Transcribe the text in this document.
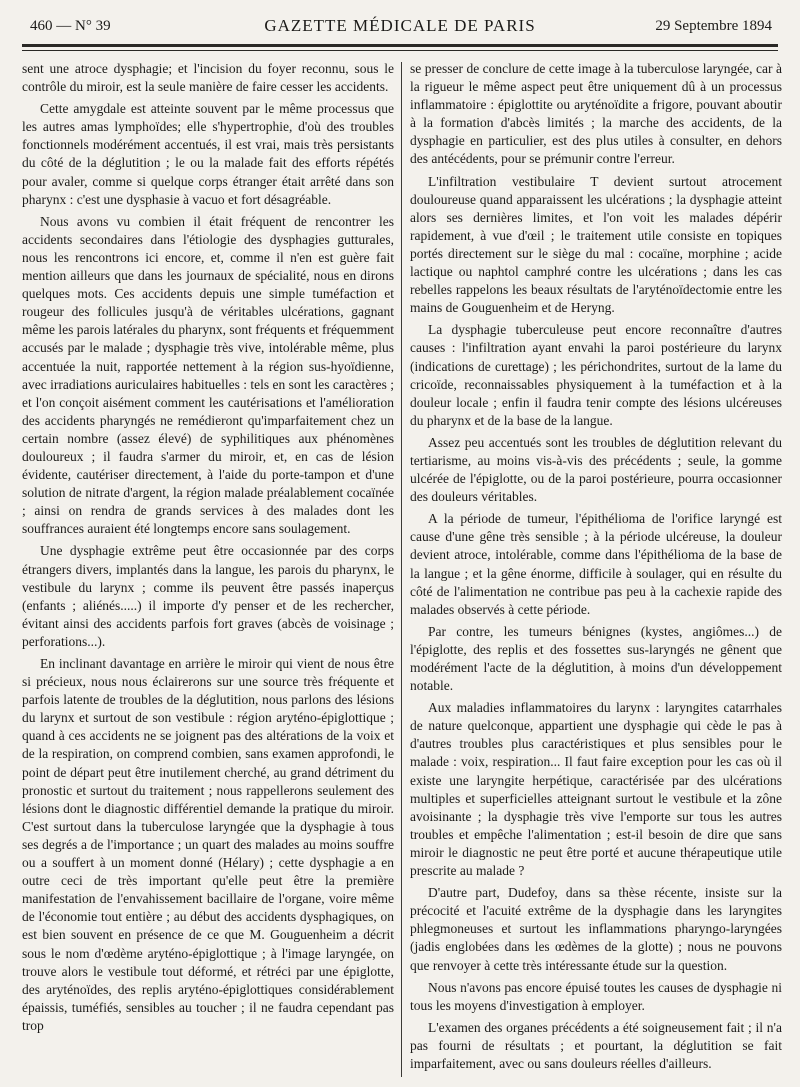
460 — N° 39	GAZETTE MÉDICALE DE PARIS	29 Septembre 1894

sent une atroce dysphagie; et l'incision du foyer reconnu, sous le contrôle du miroir, est la seule manière de faire cesser les accidents.

Cette amygdale est atteinte souvent par le même processus que les autres amas lymphoïdes; elle s'hypertrophie, d'où des troubles fonctionnels modérément accentués, il est vrai, mais très persistants du côté de la déglutition ; le ou la malade fait des efforts répétés pour avaler, comme si quelque corps étranger était arrêté dans son pharynx : c'est une dysphasie à vacuo et fort désagréable.

Nous avons vu combien il était fréquent de rencontrer les accidents secondaires dans l'étiologie des dysphagies gutturales, nous les rencontrons ici encore, et, comme il n'en est guère fait mention ailleurs que dans les journaux de spécialité, nous en dirons quelques mots. Ces accidents depuis une simple tuméfaction et rougeur des follicules jusqu'à de véritables ulcérations, gagnant même les parois latérales du pharynx, sont fréquents et fréquemment accusés par le malade ; dysphagie très vive, intolérable même, plus accentuée la nuit, rapportée nettement à la région sus-hyoïdienne, avec irradiations auriculaires habituelles : tels en sont les caractères ; et l'on conçoit aisément comment les cautérisations et l'amélioration des accidents pharyngés ne remédieront qu'imparfaitement chez un certain nombre (assez élevé) de syphilitiques aux phénomènes douloureux ; il faudra s'armer du miroir, et, en cas de lésion évidente, cautériser directement, à l'aide du porte-tampon et d'une solution de nitrate d'argent, la région malade préalablement cocaïnée ; ainsi on rendra de grands services à des malades dont les souffrances auraient été longtemps encore sans soulagement.

Une dysphagie extrême peut être occasionnée par des corps étrangers divers, implantés dans la langue, les parois du pharynx, le vestibule du larynx ; comme ils peuvent être passés inaperçus (enfants ; aliénés.....) il importe d'y penser et de les rechercher, évitant ainsi des accidents parfois fort graves (abcès de voisinage ; perforations...).

En inclinant davantage en arrière le miroir qui vient de nous être si précieux, nous nous éclairerons sur une source très fréquente et parfois latente de troubles de la déglutition, nous parlons des lésions du larynx et surtout de son vestibule : région aryténo-épiglottique ; quand à ces accidents ne se joignent pas des altérations de la voix et de la respiration, on comprend combien, sans examen approfondi, le point de départ peut être inutilement cherché, au grand détriment du pronostic et surtout du traitement ; nous rappellerons seulement des lésions dont le diagnostic différentiel demande la pratique du miroir. C'est surtout dans la tuberculose laryngée que la dysphagie à tous ses degrés a de l'importance ; un quart des malades au moins souffre ou a souffert à un moment donné (Hélary) ; cette dysphagie a en outre ceci de très important qu'elle peut être la première manifestation de l'envahissement bacillaire de l'organe, voire même de l'économie tout entière ; au début des accidents dysphagiques, on est bien souvent en présence de ce que M. Gouguenheim a décrit sous le nom d'œdème aryténo-épiglottique ; à l'image laryngée, on trouve alors le vestibule tout déformé, et rétréci par une épiglotte, des aryténoïdes, des replis aryténo-épiglottiques considérablement épaissis, tuméfiés, sensibles au toucher ; il ne faudra cependant pas trop

se presser de conclure de cette image à la tuberculose laryngée, car à la rigueur le même aspect peut être uniquement dû à un processus inflammatoire : épiglottite ou aryténoïdite a frigore, pouvant aboutir à la formation d'abcès limités ; la marche des accidents, de la dysphagie en particulier, est des plus utiles à consulter, en dehors des antécédents, pour se prémunir contre l'erreur.

L'infiltration vestibulaire T devient surtout atrocement douloureuse quand apparaissent les ulcérations ; la dysphagie atteint alors ses dernières limites, et l'on voit les malades dépérir rapidement, à vue d'œil ; le traitement utile consiste en topiques portés directement sur le siège du mal : cocaïne, morphine ; acide lactique ou naphtol camphré contre les ulcérations ; dans les cas rebelles rappelons les beaux résultats de l'aryténoïdectomie entre les mains de Gouguenheim et de Heryng.

La dysphagie tuberculeuse peut encore reconnaître d'autres causes : l'infiltration ayant envahi la paroi postérieure du larynx (indications de curettage) ; les périchondrites, surtout de la lame du cricoïde, reconnaissables physiquement à la tuméfaction et à la douleur locale ; enfin il faudra tenir compte des lésions ulcéreuses du pharynx et de la base de la langue.

Assez peu accentués sont les troubles de déglutition relevant du tertiarisme, au moins vis-à-vis des précédents ; seule, la gomme ulcérée de l'épiglotte, ou de la paroi postérieure, pourra occasionner des douleurs véritables.

A la période de tumeur, l'épithélioma de l'orifice laryngé est cause d'une gêne très sensible ; à la période ulcéreuse, la douleur devient atroce, intolérable, comme dans l'épithélioma de la base de la langue ; et la gêne énorme, difficile à soulager, qui en résulte du côté de l'alimentation ne contribue pas peu à la cachexie rapide des malades observés à cette période.

Par contre, les tumeurs bénignes (kystes, angiômes...) de l'épiglotte, des replis et des fossettes sus-laryngés ne gênent que modérément l'acte de la déglutition, à moins d'un développement notable.

Aux maladies inflammatoires du larynx : laryngites catarrhales de nature quelconque, appartient une dysphagie qui cède le pas à d'autres troubles plus caractéristiques et plus sensibles pour le malade : voix, respiration... Il faut faire exception pour les cas où il existe une laryngite herpétique, caractérisée par des ulcérations multiples et superficielles atteignant surtout le vestibule et la zône avoisinante ; la dysphagie très vive l'emporte sur tous les autres troubles et empêche l'alimentation ; est-il besoin de dire que sans miroir le diagnostic ne peut être porté et aucune thérapeutique utile prescrite au malade ?

D'autre part, Dudefoy, dans sa thèse récente, insiste sur la précocité et l'acuité extrême de la dysphagie dans les laryngites phlegmoneuses et surtout les inflammations pharyngo-laryngées (jadis englobées dans les œdèmes de la glotte) ; nous ne pouvons que renvoyer à cette très intéressante étude sur la question.

Nous n'avons pas encore épuisé toutes les causes de dysphagie ni tous les moyens d'investigation à employer.

L'examen des organes précédents a été soigneusement fait ; il n'a pas fourni de résultats ; et pourtant, la déglutition se fait imparfaitement, avec ou sans douleurs réelles d'ailleurs.
